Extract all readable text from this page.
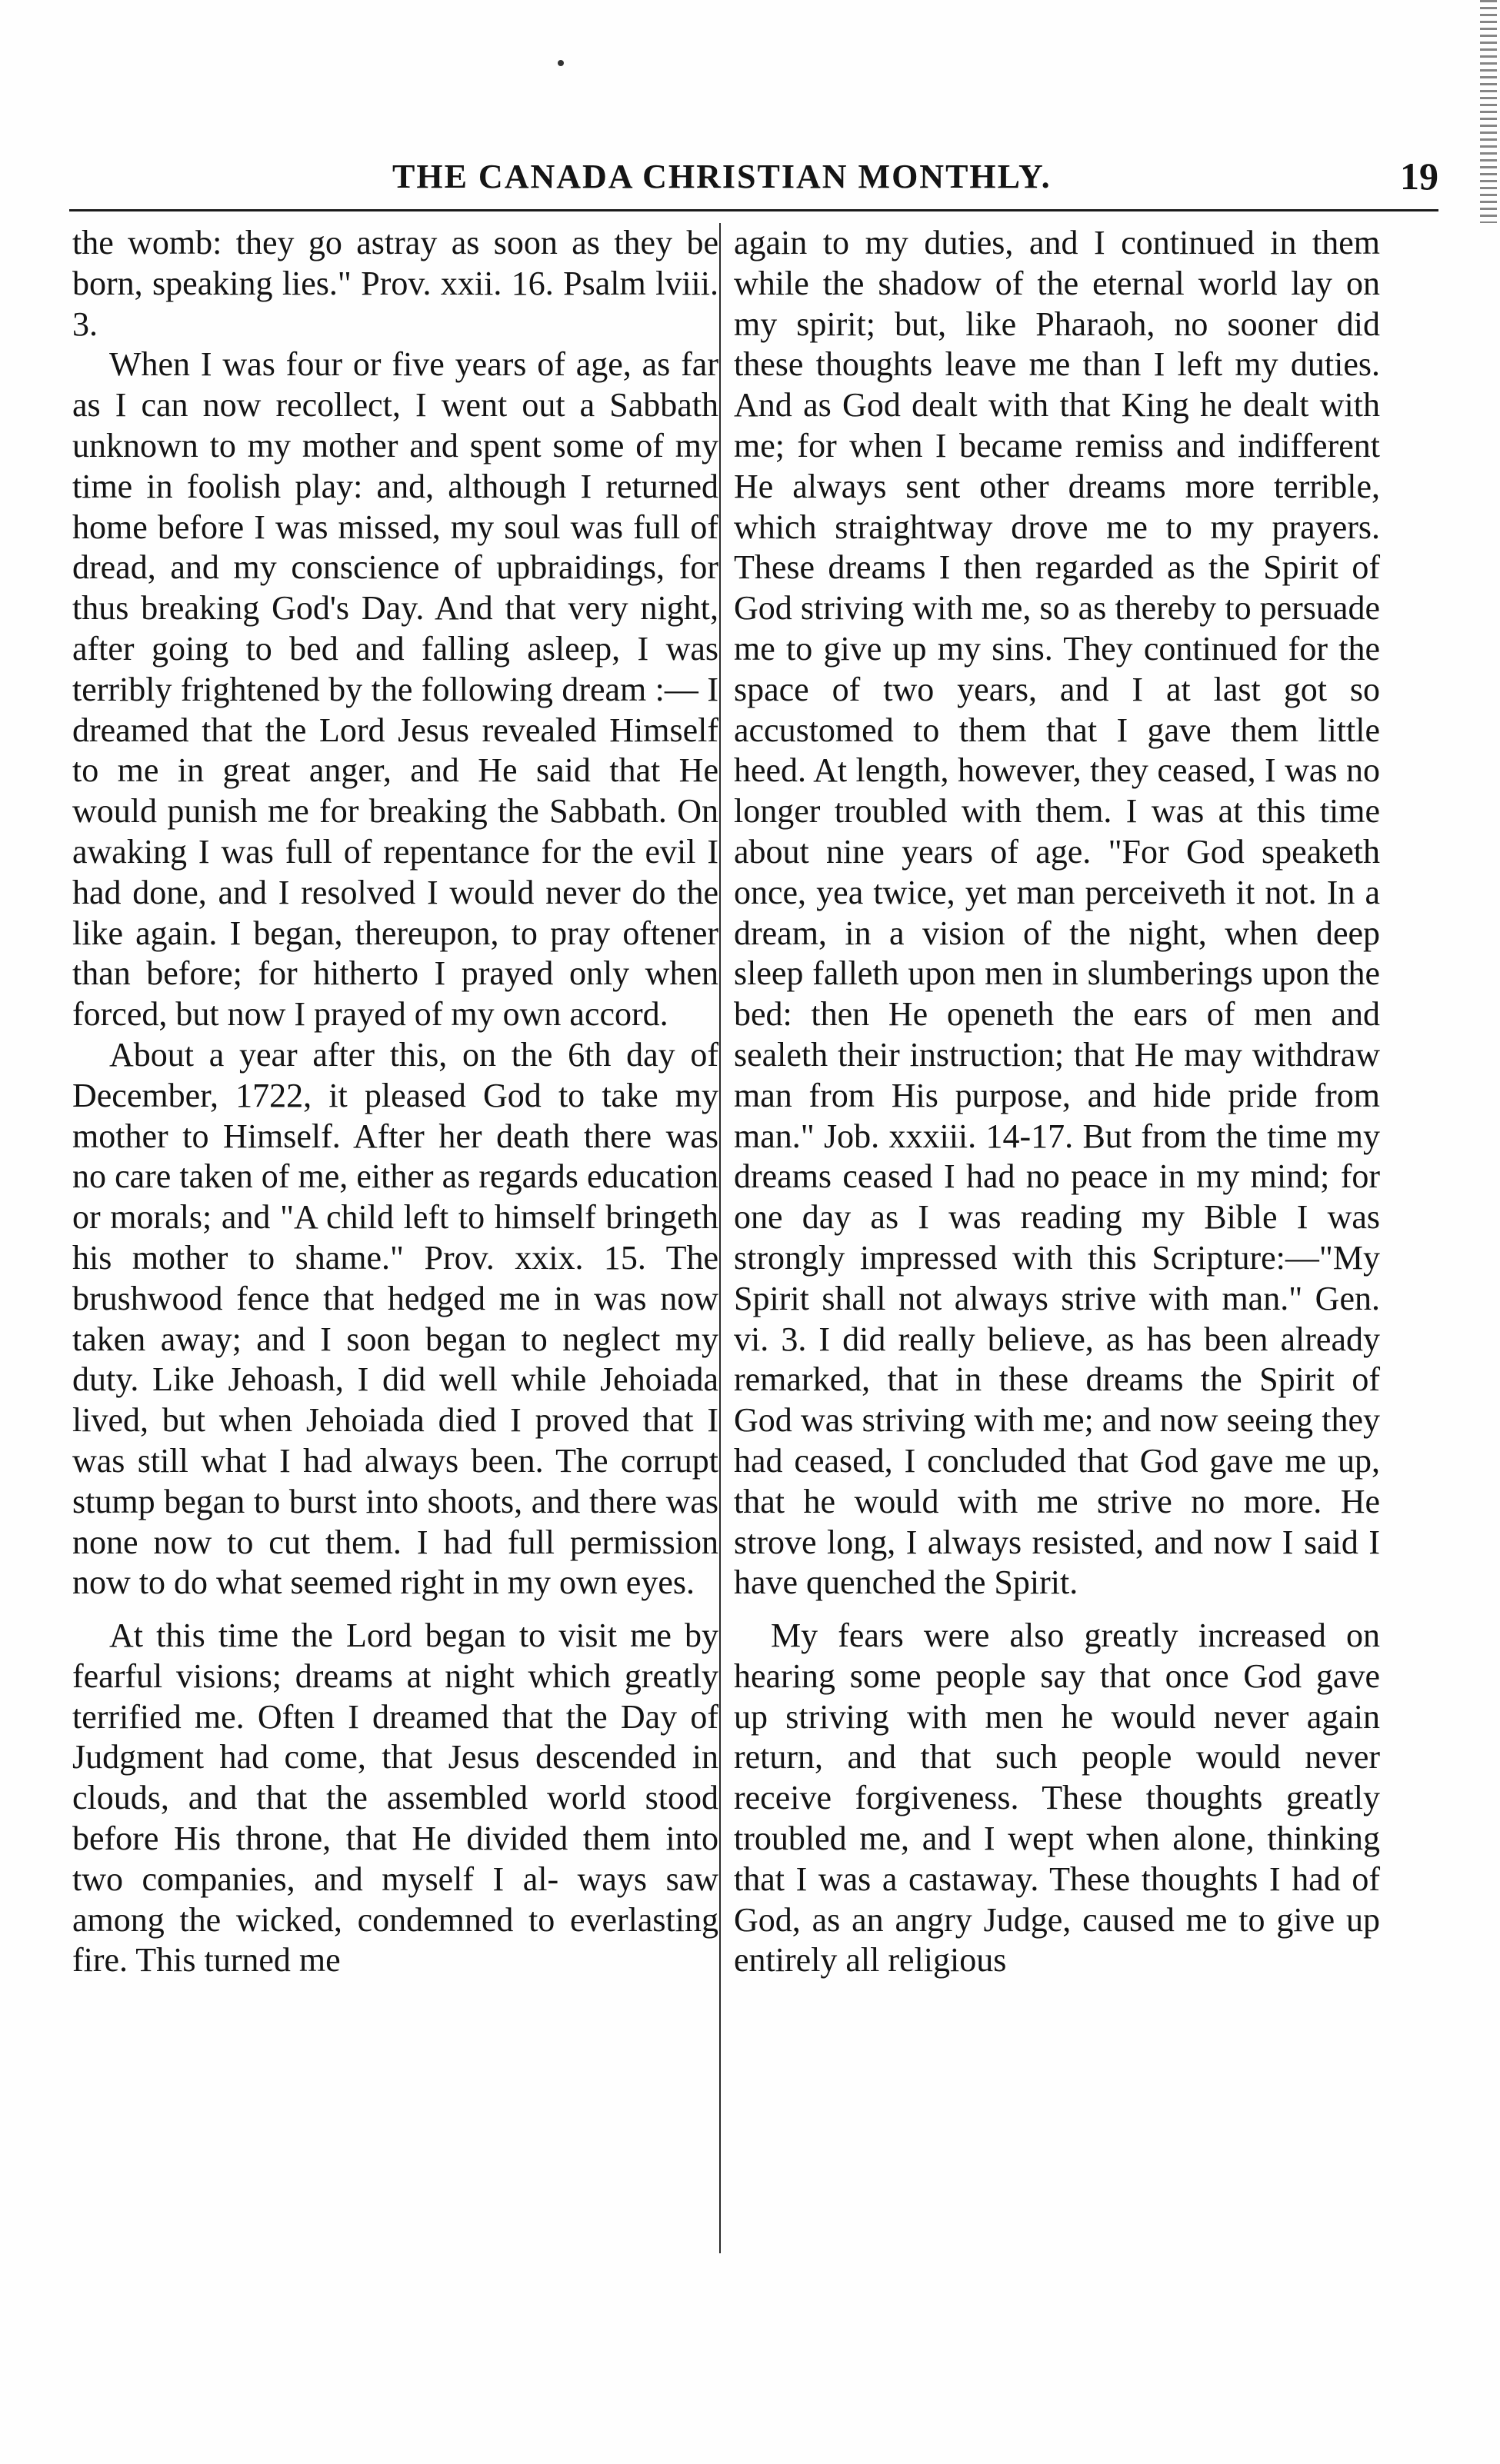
THE CANADA CHRISTIAN MONTHLY.	19

the womb: they go astray as soon as they be born, speaking lies." Prov. xxii. 16. Psalm lviii. 3.

When I was four or five years of age, as far as I can now recollect, I went out a Sabbath unknown to my mother and spent some of my time in foolish play: and, although I returned home before I was missed, my soul was full of dread, and my conscience of upbraidings, for thus breaking God's Day. And that very night, after going to bed and falling asleep, I was terribly frightened by the following dream :— I dreamed that the Lord Jesus revealed Himself to me in great anger, and He said that He would punish me for breaking the Sabbath. On awaking I was full of repentance for the evil I had done, and I resolved I would never do the like again. I began, thereupon, to pray oftener than before; for hitherto I prayed only when forced, but now I prayed of my own accord.

About a year after this, on the 6th day of December, 1722, it pleased God to take my mother to Himself. After her death there was no care taken of me, either as regards education or morals; and "A child left to himself bringeth his mother to shame." Prov. xxix. 15. The brushwood fence that hedged me in was now taken away; and I soon began to neglect my duty. Like Jehoash, I did well while Jehoiada lived, but when Jehoiada died I proved that I was still what I had always been. The corrupt stump began to burst into shoots, and there was none now to cut them. I had full permission now to do what seemed right in my own eyes.

At this time the Lord began to visit me by fearful visions; dreams at night which greatly terrified me. Often I dreamed that the Day of Judgment had come, that Jesus descended in clouds, and that the assembled world stood before His throne, that He divided them into two companies, and myself I al- ways saw among the wicked, condemned to everlasting fire. This turned me

again to my duties, and I continued in them while the shadow of the eternal world lay on my spirit; but, like Pharaoh, no sooner did these thoughts leave me than I left my duties. And as God dealt with that King he dealt with me; for when I became remiss and indifferent He always sent other dreams more terrible, which straightway drove me to my prayers. These dreams I then regarded as the Spirit of God striving with me, so as thereby to persuade me to give up my sins. They continued for the space of two years, and I at last got so accustomed to them that I gave them little heed. At length, however, they ceased, I was no longer troubled with them. I was at this time about nine years of age. "For God speaketh once, yea twice, yet man perceiveth it not. In a dream, in a vision of the night, when deep sleep falleth upon men in slumberings upon the bed: then He openeth the ears of men and sealeth their instruction; that He may withdraw man from His purpose, and hide pride from man." Job. xxxiii. 14-17. But from the time my dreams ceased I had no peace in my mind; for one day as I was reading my Bible I was strongly impressed with this Scripture:—"My Spirit shall not always strive with man." Gen. vi. 3. I did really believe, as has been already remarked, that in these dreams the Spirit of God was striving with me; and now seeing they had ceased, I concluded that God gave me up, that he would with me strive no more. He strove long, I always resisted, and now I said I have quenched the Spirit.

My fears were also greatly increased on hearing some people say that once God gave up striving with men he would never again return, and that such people would never receive forgiveness. These thoughts greatly troubled me, and I wept when alone, thinking that I was a castaway. These thoughts I had of God, as an angry Judge, caused me to give up entirely all religious
